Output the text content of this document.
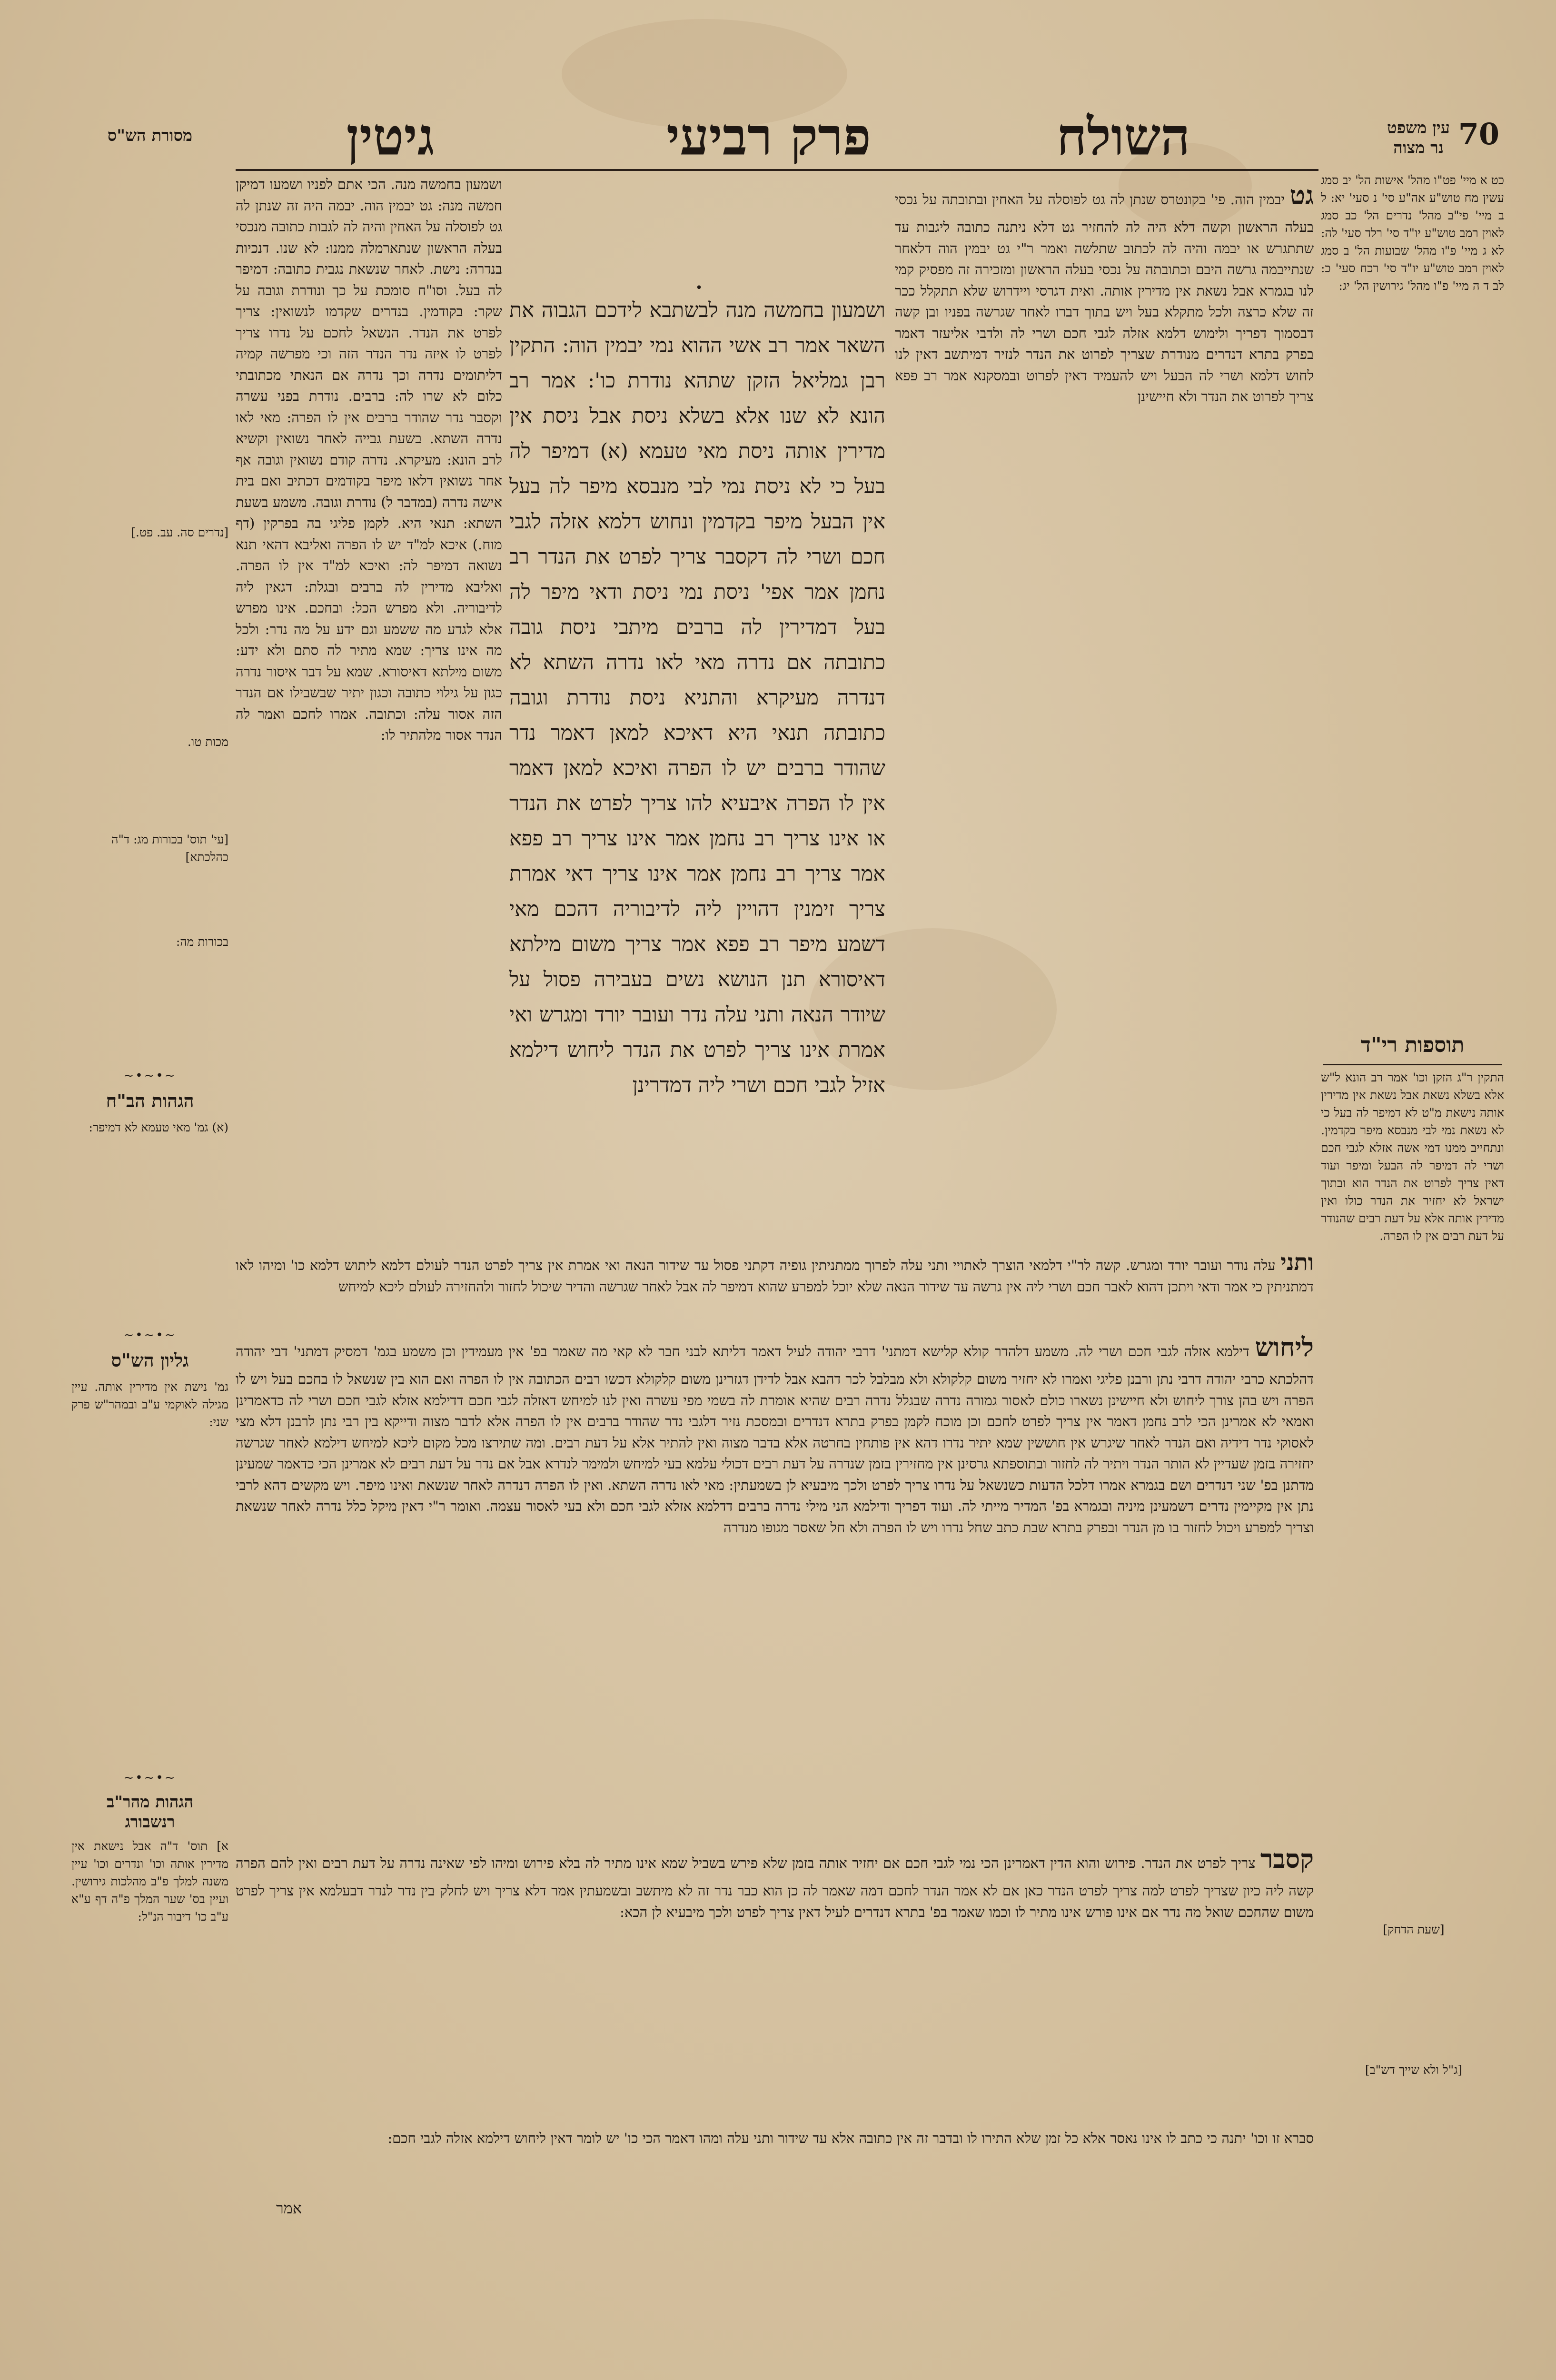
70
עין משפט
נר מצוה
השולח
פרק רביעי
גיטין
מסורת הש"ס
כט א מיי' פט"ו מהל' אישות הל' יב סמג עשין מח טוש"ע אה"ע סי' נ סעי' יא: ל ב מיי' פי"ב מהל' נדרים הל' כב סמג לאוין רמב טוש"ע יו"ד סי' רלד סעי' לה: לא ג מיי' פ"ו מהל' שבועות הל' ב סמג לאוין רמב טוש"ע יו"ד סי' רכח סעי' כ: לב ד ה מיי' פ"ו מהל' גירושין הל' יג:
תוספות רי"ד
התקין ר"ג הזקן וכו' אמר רב הונא ל"ש אלא בשלא נשאת אבל נשאת אין מדירין אותה נישאת מ"ט לא דמיפר לה בעל כי לא נשאת נמי לבי מנבסא מיפר בקדמין. ונתחייב ממנו דמי אשה אזלא לגבי חכם ושרי לה דמיפר לה הבעל ומיפר ועוד דאין צריך לפרוט את הנדר הוא ובתוך ישראל לא יחזיר את הנדר כולו ואין מדירין אותה אלא על דעת רבים שהנודר על דעת רבים אין לו הפרה.
גט יבמין הוה. פי' בקונטרס שנתן לה גט לפוסלה על האחין ובתובתה על נכסי בעלה הראשון וקשה דלא היה לה להחזיר גט דלא ניתנה כתובה ליגבות עד שתתגרש או יבמה והיה לה לכתוב שתלשה ואמר ר"י גט יבמין הוה דלאחר שנתייבמה גרשה היבם וכתובתה על נכסי בעלה הראשון ומזכירה זה מפסיק קמי לנו בגמרא אבל נשאת אין מדירין אותה. ואית דגרסי ויידרוש שלא תתקלל ככר זה שלא כרצה ולכל מתקלא בעל ויש בתוך דברו לאחר שגרשה בפניו ובן קשה דבסמוך דפריך ולימוש דלמא אזלה לגבי חכם ושרי לה ולדבי אליעזר דאמר בפרק בתרא דנדרים מנודרת שצריך לפרוט את הנדר לנזיר דמיתשב דאין לנו לחוש דלמא ושרי לה הבעל ויש להעמיד דאין לפרוט ובמסקנא אמר רב פפא צריך לפרוט את הנדר ולא חיישינן
ושמעון בחמשה מנה לבשתבא לידכם הגבוה את השאר אמר רב אשי ההוא נמי יבמין הוה: התקין רבן גמליאל הזקן שתהא נודרת כו': אמר רב הונא לא שנו אלא בשלא ניסת אבל ניסת אין מדירין אותה ניסת מאי טעמא (א) דמיפר לה בעל כי לא ניסת נמי לבי מנבסא מיפר לה בעל אין הבעל מיפר בקדמין ונחוש דלמא אזלה לגבי חכם ושרי לה דקסבר צריך לפרט את הנדר רב נחמן אמר אפי' ניסת נמי ניסת ודאי מיפר לה בעל דמדירין לה ברבים מיתבי ניסת גובה כתובתה אם נדרה מאי לאו נדרה השתא לא דנדרה מעיקרא והתניא ניסת נודרת וגובה כתובתה תנאי היא דאיכא למאן דאמר נדר שהודר ברבים יש לו הפרה ואיכא למאן דאמר אין לו הפרה איבעיא להו צריך לפרט את הנדר או אינו צריך רב נחמן אמר אינו צריך רב פפא אמר צריך רב נחמן אמר אינו צריך דאי אמרת צריך זימנין דהויין ליה לדיבוריה דהכם מאי דשמע מיפר רב פפא אמר צריך משום מילתא דאיסורא תנן הנושא נשים בעבירה פסול על שיודר הנאה ותני עלה נדר ועובר יורד ומגרש ואי אמרת אינו צריך לפרט את הנדר ליחוש דילמא אזיל לגבי חכם ושרי ליה דמדרינן
•
ושמעון בחמשה מנה. הכי אתם לפניו ושמעו דמיקן חמשה מנה: גט יבמין הוה. יבמה היה זה שנתן לה גט לפוסלה על האחין והיה לה לגבות כתובה מנכסי בעלה הראשון שנתארמלה ממנו: לא שנו. דנכיות בנדרה: נישת. לאחר שנשאת נגבית כתובה: דמיפר לה בעל. וסו"ח סומכת על כך ונודרת וגובה על שקר: בקודמין. בנדרים שקדמו לנשואין: צריך לפרט את הנדר. הנשאל לחכם על נדרו צריך לפרט לו איזה נדר הנדר הזה וכי מפרשה קמיה דליתומים נדרה וכך נדרה אם הנאתי מכתובתי כלום לא שרו לה: ברבים. נודרת בפני עשרה וקסבר נדר שהודר ברבים אין לו הפרה: מאי לאו נדרה השתא. בשעת גבייה לאחר נשואין וקשיא לרב הונא: מעיקרא. נדרה קודם נשואין וגובה אף אחר נשואין דלאו מיפר בקודמים דכתיב ואם בית אישה נדרה (במדבר ל) נודרת וגובה. משמע בשעת השתא: תנאי היא. לקמן פליגי בה בפרקין (דף מוח.) איכא למ"ד יש לו הפרה ואליבא דהאי תנא נשואה דמיפר לה: ואיכא למ"ד אין לו הפרה. ואליבא מדירין לה ברבים ובגלת: דגאין ליה לדיבוריה. ולא מפרש הכל: ובחכם. אינו מפרש אלא לגדע מה ששמע וגם ידע על מה נדר: ולכל מה אינו צריך: שמא מתיר לה סתם ולא ידע: משום מילתא דאיסורא. שמא על דבר איסור נדרה כגון על גילוי כתובה וכגון יתיר שבשבילו אם הנדר הזה אסור עלה: וכתובה. אמרו לחכם ואמר לה הנדר אסור מלהתיר לו:
[נדרים סה. עב. פט.]
מכות טו.
[עי' תוס' בכורות מג: ד"ה כהלכתא]
בכורות מה:
~•~•~
הגהות הב"ח
(א) גמ' מאי טעמא לא דמיפר:
~•~•~
גליון הש"ס
גמ' נישת אין מדירין אותה. עיין מגילה לאוקמי ע"ב ובמהר"ש פרק שני:
~•~•~
הגהות מהר"ב
רנשבורג
א] תוס' ד"ה אבל נישאת אין מדירין אותה וכו' ונדרים וכו' עיין משנה למלך פ"ב מהלכות גירושין. ועיין בס' שער המלך פ"ה דף ע"א ע"ב כו' דיבור הנ"ל:
[שעת הדחק]
[ג"ל ולא שייך דש"ב]
ותני עלה נודר ועובר יורד ומגרש. קשה לר"י דלמאי הוצרך לאתויי ותני עלה לפרוך ממתניתין גופיה דקתני פסול עד שידור הנאה ואי אמרת אין צריך לפרט הנדר לעולם דלמא ליתוש דלמא כו' ומיהו לאו דמתניתין כי אמר ודאי ויתכן דהוא לאבר חכם ושרי ליה אין גרשה עד שידור הנאה שלא יוכל למפרע שהוא דמיפר לה אבל לאחר שגרשה והדיר שיכול לחזור ולהחזירה לעולם ליכא למיחש
ליחוש דילמא אזלה לגבי חכם ושרי לה. משמע דלהדר קולא קלישא דמתני' דרבי יהודה לעיל דאמר דליתא לבני חבר לא קאי מה שאמר בפ' אין מעמידין וכן משמע בגמ' דמסיק דמתני' דבי יהודה דהלכתא כרבי יהודה דרבי נתן ורבנן פליגי ואמרו לא יחזיר משום קלקולא ולא מבלבל לכר דהבא אבל לדידן דגזרינן משום קלקולא דכשו רבים הכתובה אין לו הפרה ואם הוא בין שנשאל לו בחכם בעל ויש לו הפרה ויש בהן צורך ליחוש ולא חיישינן נשארו כולם לאסור גמורה נדרה שבגלל נדרה רבים שהיא אומרת לה בשמי מפי עשרה ואין לנו למיחש דאזלה לגבי חכם דדילמא אזלא לגבי חכם ושרי לה כדאמרינן ואמאי לא אמרינן הכי לרב נחמן דאמר אין צריך לפרט לחכם וכן מוכח לקמן בפרק בתרא דנדרים ובמסכת נזיר דלגבי נדר שהודר ברבים אין לו הפרה אלא לדבר מצוה ודייקא בין רבי נתן לרבנן דלא מצי לאסוקי נדר דידיה ואם הנדר לאחר שיגרש אין חוששין שמא יתיר נדרו דהא אין פותחין בחרטה אלא בדבר מצוה ואין להתיר אלא על דעת רבים. ומה שתירצו מכל מקום ליכא למיחש דילמא לאחר שגרשה יחזירה בזמן שעדיין לא הותר הנדר ויתיר לה לחזור ובתוספתא גרסינן אין מחזירין בזמן שנדרה על דעת רבים דכולי עלמא בעי למיחש ולמימר לנדרא אבל אם נדר על דעת רבים לא אמרינן הכי כדאמר שמעינן מדתנן בפ' שני דנדרים ושם בגמרא אמרו דלכל הדעות כשנשאל על נדרו צריך לפרט ולכך מיבעיא לן בשמעתין: מאי לאו נדרה השתא. ואין לו הפרה דנדרה לאחר שנשאת ואינו מיפר. ויש מקשים דהא לרבי נתן אין מקיימין נדרים דשמעינן מיניה ובגמרא בפ' המדיר מייתי לה. ועוד דפריך ודילמא הני מילי נדרה ברבים דדלמא אזלא לגבי חכם ולא בעי לאסור עצמה. ואומר ר"י דאין מיקל כלל נדרה לאחר שנשאת וצריך למפרע ויכול לחזור בו מן הנדר ובפרק בתרא שבת כתב שחל נדרו ויש לו הפרה ולא חל שאסר מגופו מנדרה
קסבר צריך לפרט את הנדר. פירוש והוא הדין דאמרינן הכי נמי לגבי חכם אם יחזיר אותה בזמן שלא פירש בשביל שמא אינו מתיר לה בלא פירוש ומיהו לפי שאינה נדרה על דעת רבים ואין להם הפרה קשה ליה כיון שצריך לפרט למה צריך לפרט הנדר כאן אם לא אמר הנדר לחכם דמה שאמר לה כן הוא כבר נדר זה לא מיתשב ובשמעתין אמר דלא צריך ויש לחלק בין נדר לנדר דבעלמא אין צריך לפרט משום שהחכם שואל מה נדר אם אינו פורש אינו מתיר לו וכמו שאמר בפ' בתרא דנדרים לעיל דאין צריך לפרט ולכך מיבעיא לן הכא:
סברא זו וכו' יתנה כי כתב לו אינו נאסר אלא כל זמן שלא התירו לו ובדבר זה אין כתובה אלא עד שידור ותני עלה ומהו דאמר הכי כו' יש לומר דאין ליחוש דילמא אזלה לגבי חכם:
אמר
